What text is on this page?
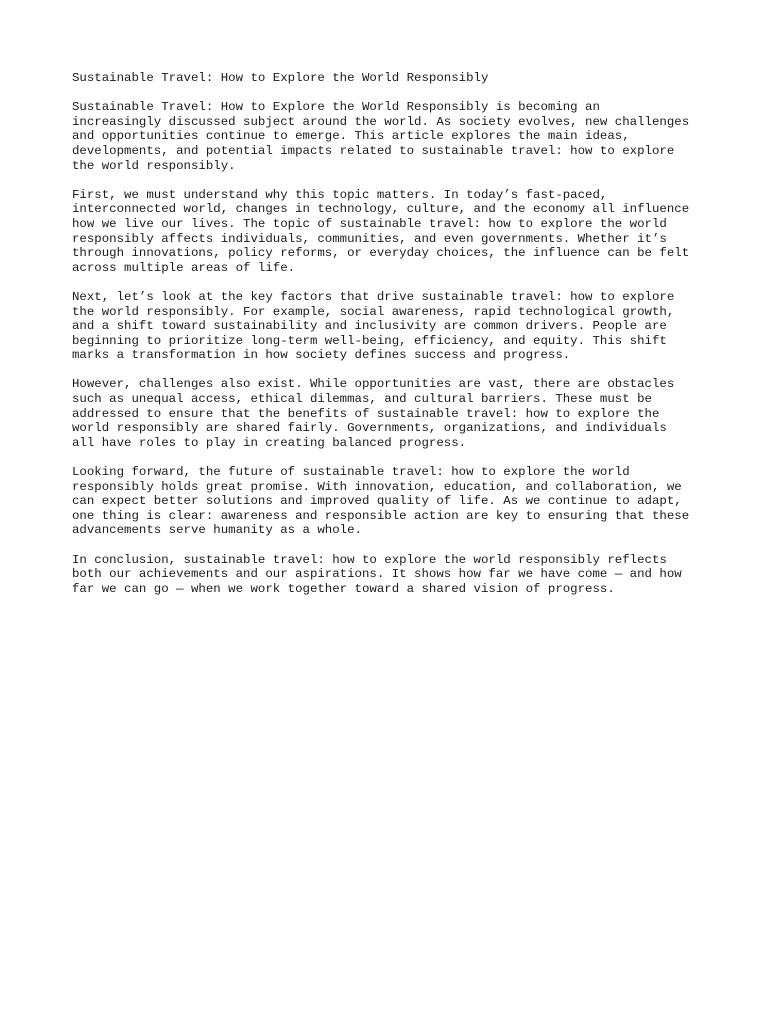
Sustainable Travel: How to Explore the World Responsibly

Sustainable Travel: How to Explore the World Responsibly is becoming an
increasingly discussed subject around the world. As society evolves, new challenges
and opportunities continue to emerge. This article explores the main ideas,
developments, and potential impacts related to sustainable travel: how to explore
the world responsibly.

First, we must understand why this topic matters. In today’s fast-paced,
interconnected world, changes in technology, culture, and the economy all influence
how we live our lives. The topic of sustainable travel: how to explore the world
responsibly affects individuals, communities, and even governments. Whether it’s
through innovations, policy reforms, or everyday choices, the influence can be felt
across multiple areas of life.

Next, let’s look at the key factors that drive sustainable travel: how to explore
the world responsibly. For example, social awareness, rapid technological growth,
and a shift toward sustainability and inclusivity are common drivers. People are
beginning to prioritize long-term well-being, efficiency, and equity. This shift
marks a transformation in how society defines success and progress.

However, challenges also exist. While opportunities are vast, there are obstacles
such as unequal access, ethical dilemmas, and cultural barriers. These must be
addressed to ensure that the benefits of sustainable travel: how to explore the
world responsibly are shared fairly. Governments, organizations, and individuals
all have roles to play in creating balanced progress.

Looking forward, the future of sustainable travel: how to explore the world
responsibly holds great promise. With innovation, education, and collaboration, we
can expect better solutions and improved quality of life. As we continue to adapt,
one thing is clear: awareness and responsible action are key to ensuring that these
advancements serve humanity as a whole.

In conclusion, sustainable travel: how to explore the world responsibly reflects
both our achievements and our aspirations. It shows how far we have come — and how
far we can go — when we work together toward a shared vision of progress.
